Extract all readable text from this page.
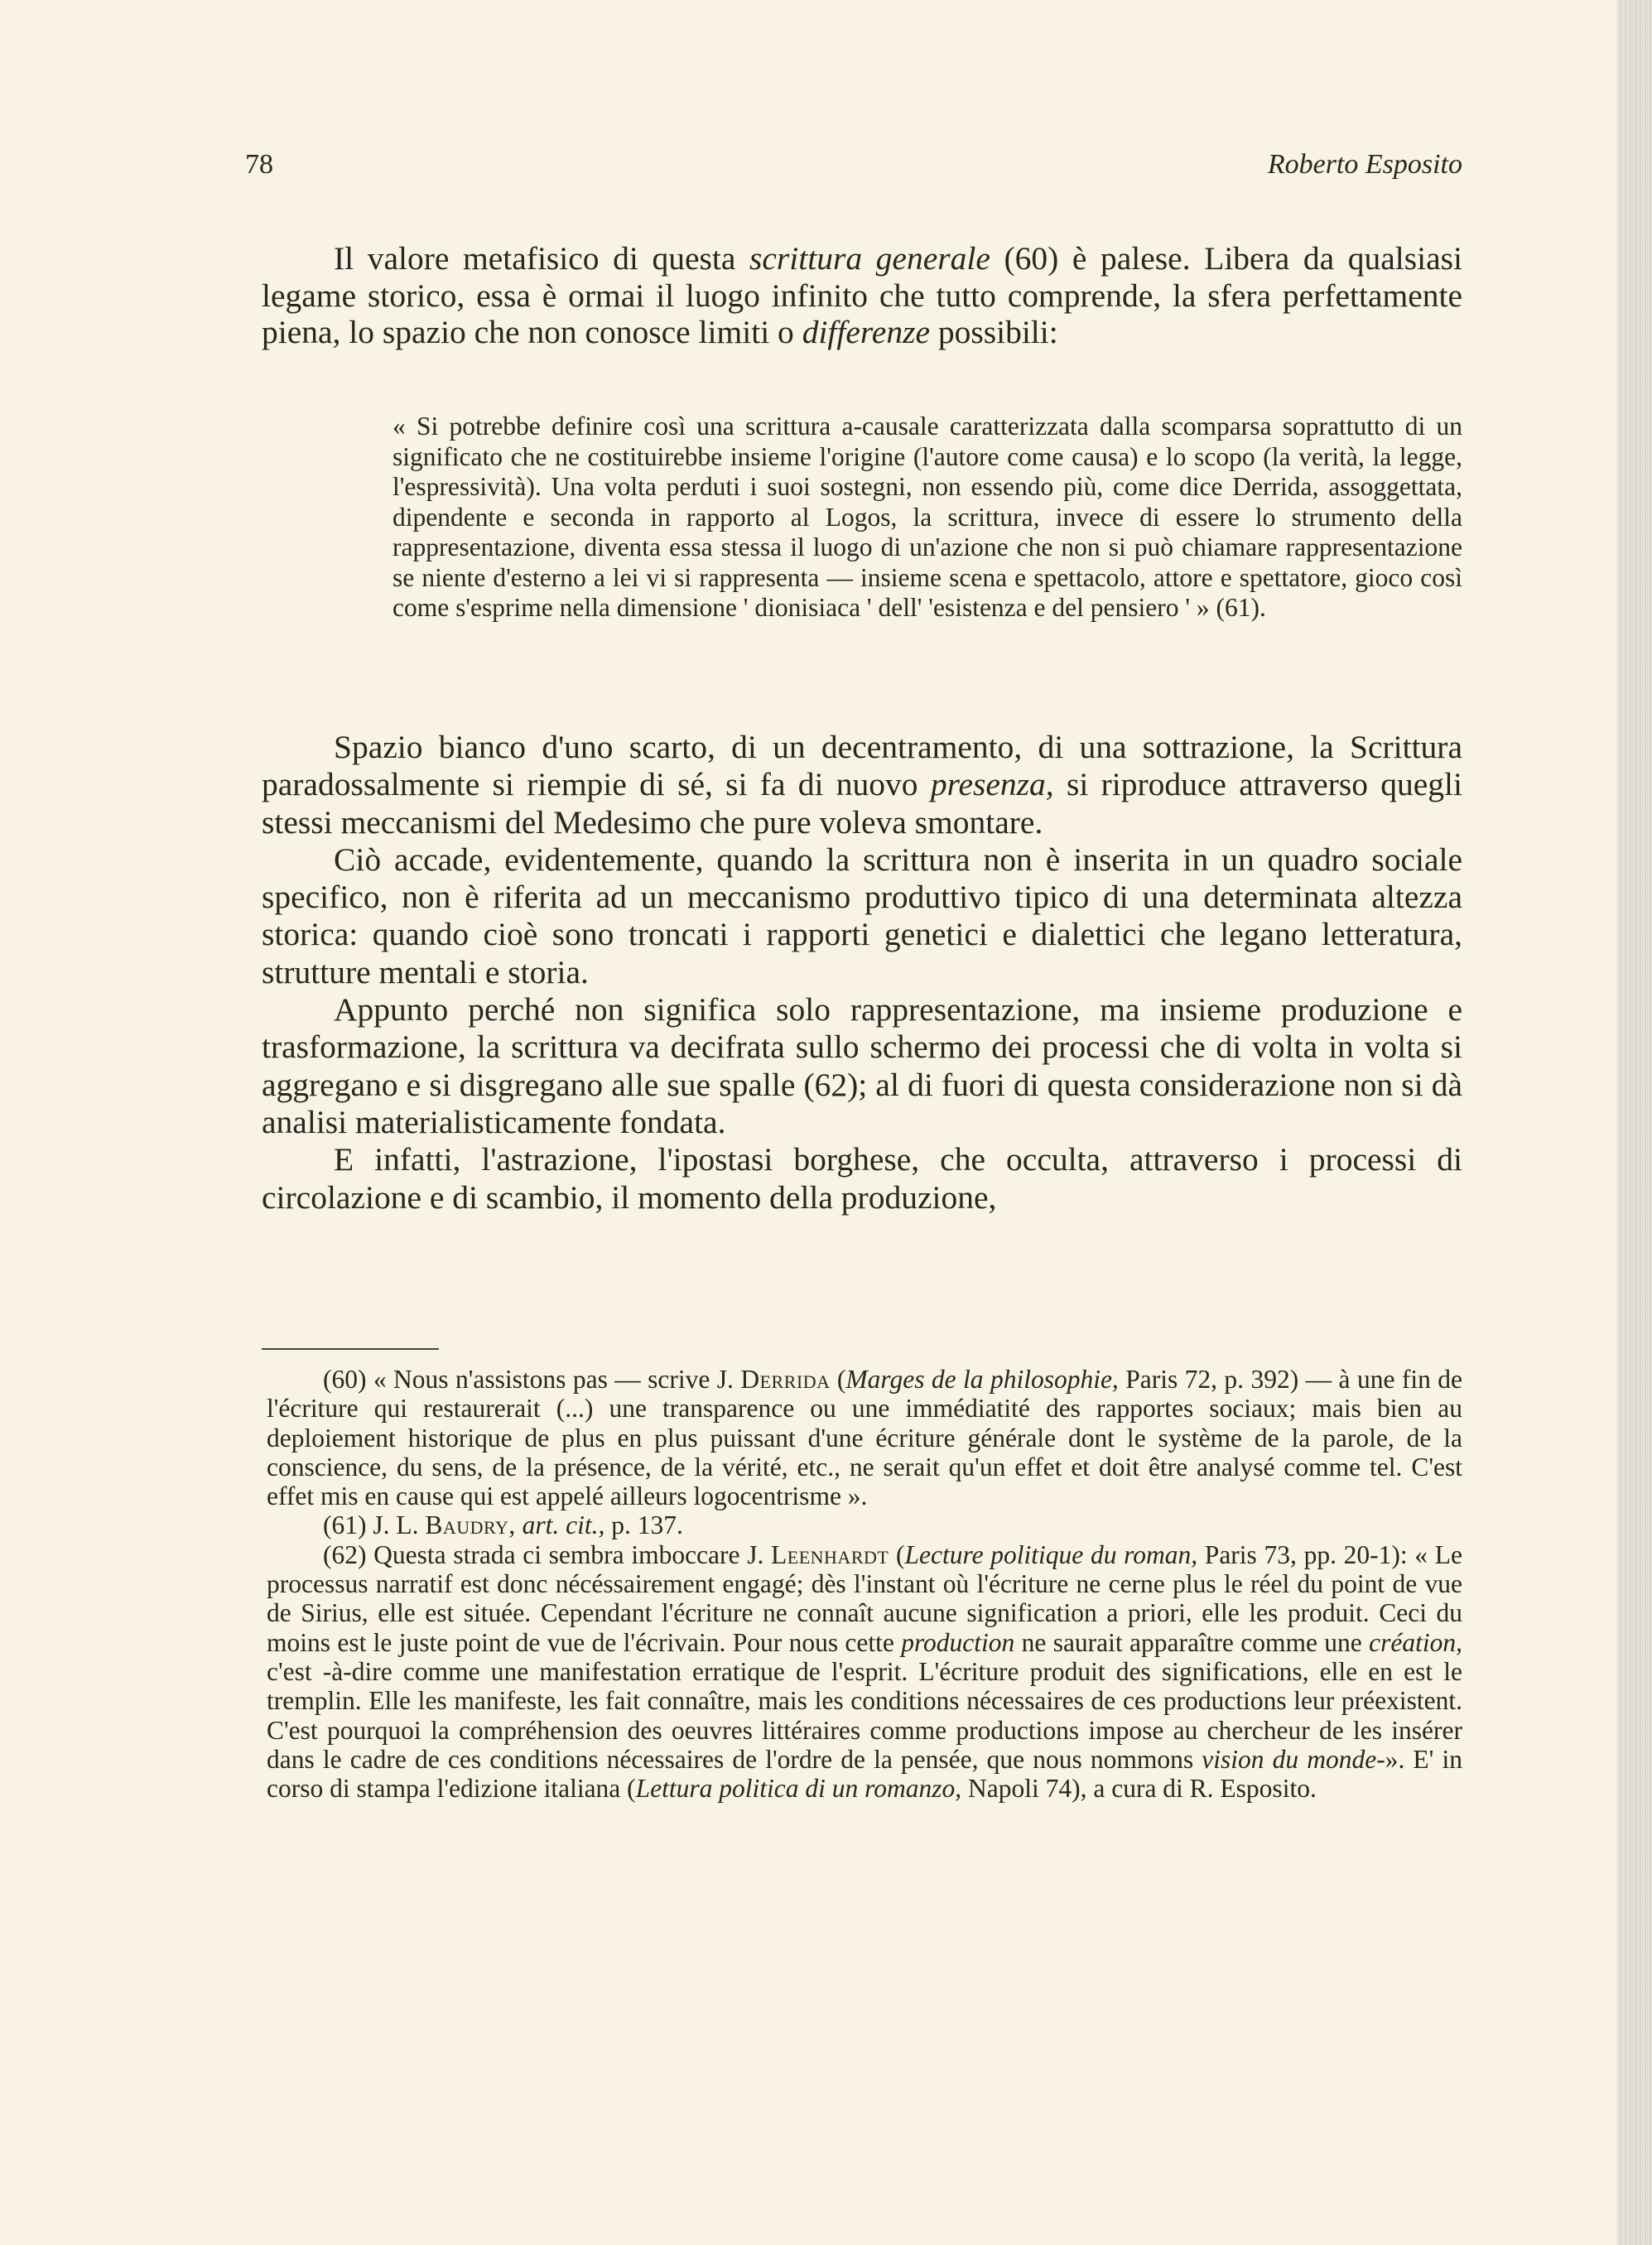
78	Roberto Esposito

Il valore metafisico di questa scrittura generale (60) è palese. Libera da qualsiasi legame storico, essa è ormai il luogo infinito che tutto comprende, la sfera perfettamente piena, lo spazio che non conosce limiti o differenze possibili:

« Si potrebbe definire così una scrittura a-causale caratterizzata dalla scomparsa soprattutto di un significato che ne costituirebbe insieme l'origine (l'autore come causa) e lo scopo (la verità, la legge, l'espressività). Una volta perduti i suoi sostegni, non essendo più, come dice Derrida, assoggettata, dipendente e seconda in rapporto al Logos, la scrittura, invece di essere lo strumento della rappresentazione, diventa essa stessa il luogo di un'azione che non si può chiamare rappresentazione se niente d'esterno a lei vi si rappresenta — insieme scena e spettacolo, attore e spettatore, gioco così come s'esprime nella dimensione ' dionisiaca ' dell' 'esistenza e del pensiero ' » (61).

Spazio bianco d'uno scarto, di un decentramento, di una sottrazione, la Scrittura paradossalmente si riempie di sé, si fa di nuovo presenza, si riproduce attraverso quegli stessi meccanismi del Medesimo che pure voleva smontare.

Ciò accade, evidentemente, quando la scrittura non è inserita in un quadro sociale specifico, non è riferita ad un meccanismo produttivo tipico di una determinata altezza storica: quando cioè sono troncati i rapporti genetici e dialettici che legano letteratura, strutture mentali e storia.

Appunto perché non significa solo rappresentazione, ma insieme produzione e trasformazione, la scrittura va decifrata sullo schermo dei processi che di volta in volta si aggregano e si disgregano alle sue spalle (62); al di fuori di questa considerazione non si dà analisi materialisticamente fondata.

E infatti, l'astrazione, l'ipostasi borghese, che occulta, attraverso i processi di circolazione e di scambio, il momento della produzione,

(60) « Nous n'assistons pas — scrive J. Derrida (Marges de la philosophie, Paris 72, p. 392) — à une fin de l'écriture qui restaurerait (...) une transparence ou une immédiatité des rapportes sociaux; mais bien au deploiement historique de plus en plus puissant d'une écriture générale dont le système de la parole, de la conscience, du sens, de la présence, de la vérité, etc., ne serait qu'un effet et doit être analysé comme tel. C'est effet mis en cause qui est appelé ailleurs logocentrisme ».

(61) J. L. Baudry, art. cit., p. 137.

(62) Questa strada ci sembra imboccare J. Leenhardt (Lecture politique du roman, Paris 73, pp. 20-1): « Le processus narratif est donc nécéssairement engagé; dès l'instant où l'écriture ne cerne plus le réel du point de vue de Sirius, elle est située. Cependant l'écriture ne connaît aucune signification a priori, elle les produit. Ceci du moins est le juste point de vue de l'écrivain. Pour nous cette production ne saurait apparaître comme une création, c'est -à-dire comme une manifestation erratique de l'esprit. L'écriture produit des significations, elle en est le tremplin. Elle les manifeste, les fait connaître, mais les conditions nécessaires de ces productions leur préexistent. C'est pourquoi la compréhension des oeuvres littéraires comme productions impose au chercheur de les insérer dans le cadre de ces conditions nécessaires de l'ordre de la pensée, que nous nommons vision du monde-». E' in corso di stampa l'edizione italiana (Lettura politica di un romanzo, Napoli 74), a cura di R. Esposito.
